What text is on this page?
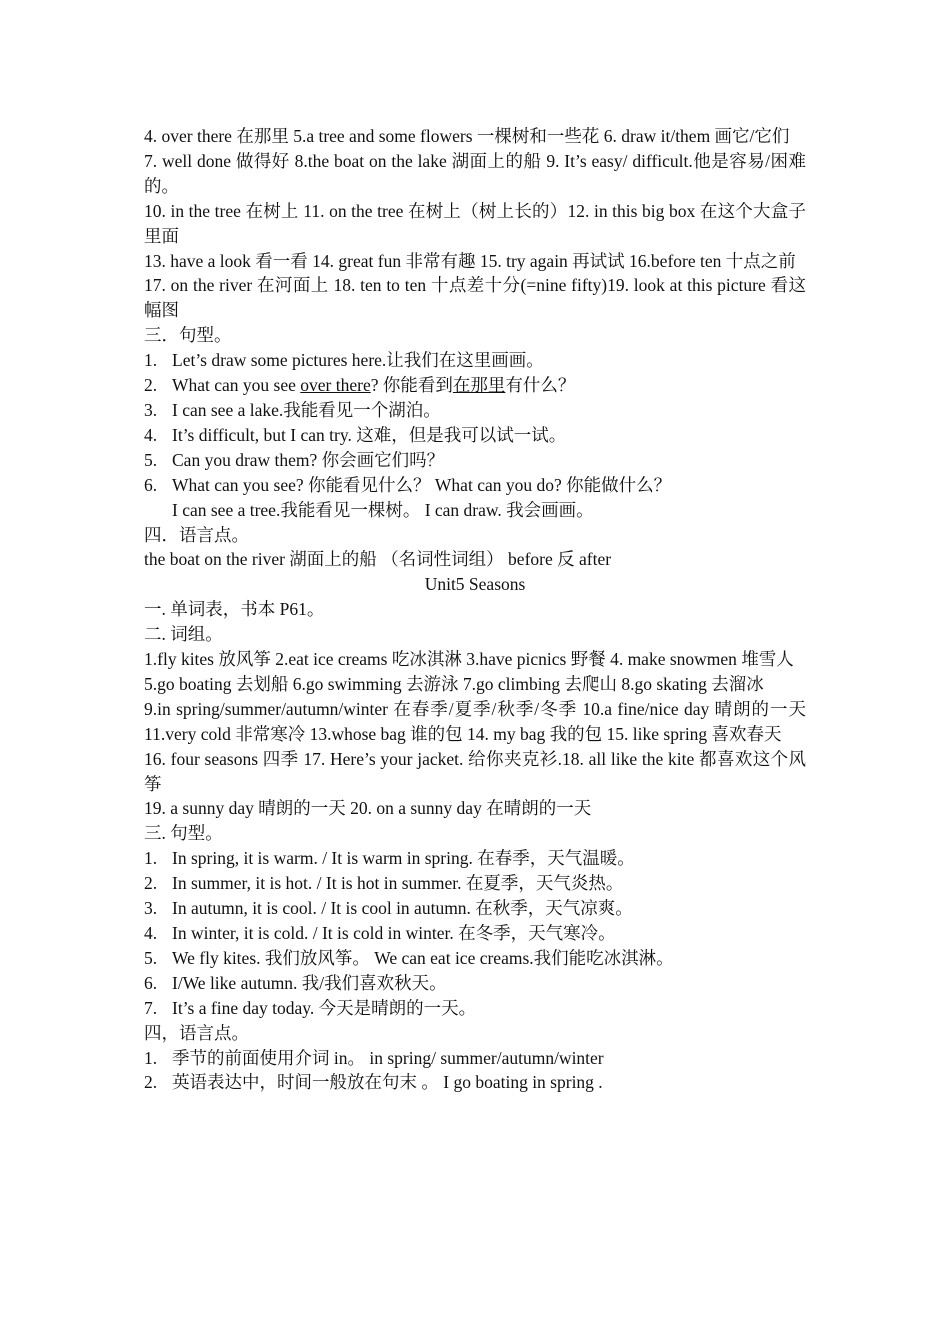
4. over there 在那里 5.a tree and some flowers 一棵树和一些花 6. draw it/them 画它/它们

7. well done 做得好 8.the boat on the lake 湖面上的船 9. It’s easy/ difficult.他是容易/困难的。

10. in the tree 在树上 11. on the tree 在树上（树上长的）12. in this big box 在这个大盒子里面

13. have a look 看一看 14. great fun 非常有趣 15. try again 再试试 16.before ten 十点之前

17. on the river 在河面上 18. ten to ten 十点差十分(=nine fifty)19. look at this picture 看这幅图

三．句型。

1. Let’s draw some pictures here.让我们在这里画画。

2. What can you see over there? 你能看到在那里有什么？

3. I can see a lake.我能看见一个湖泊。

4. It’s difficult, but I can try. 这难，但是我可以试一试。

5. Can you draw them? 你会画它们吗？

6. What can you see? 你能看见什么？ What can you do? 你能做什么？

I can see a tree.我能看见一棵树。 I can draw. 我会画画。

四．语言点。

the boat on the river 湖面上的船 （名词性词组） before 反 after

Unit5 Seasons

一. 单词表，书本 P61。

二. 词组。

1.fly kites 放风筝 2.eat ice creams 吃冰淇淋 3.have picnics 野餐 4. make snowmen 堆雪人

5.go boating 去划船 6.go swimming 去游泳 7.go climbing 去爬山 8.go skating 去溜冰

9.in spring/summer/autumn/winter 在春季/夏季/秋季/冬季 10.a fine/nice day 晴朗的一天 11.very cold 非常寒冷 13.whose bag 谁的包 14. my bag 我的包 15. like spring 喜欢春天

16. four seasons 四季 17. Here’s your jacket. 给你夹克衫.18. all like the kite 都喜欢这个风筝

19. a sunny day 晴朗的一天 20. on a sunny day 在晴朗的一天

三. 句型。

1. In spring, it is warm. / It is warm in spring. 在春季，天气温暖。

2. In summer, it is hot. / It is hot in summer. 在夏季，天气炎热。

3. In autumn, it is cool. / It is cool in autumn. 在秋季，天气凉爽。

4. In winter, it is cold. / It is cold in winter. 在冬季，天气寒冷。

5. We fly kites. 我们放风筝。 We can eat ice creams.我们能吃冰淇淋。

6. I/We like autumn. 我/我们喜欢秋天。

7. It’s a fine day today. 今天是晴朗的一天。

四，语言点。

1. 季节的前面使用介词 in。 in spring/ summer/autumn/winter

2. 英语表达中，时间一般放在句末 。 I go boating in spring .
